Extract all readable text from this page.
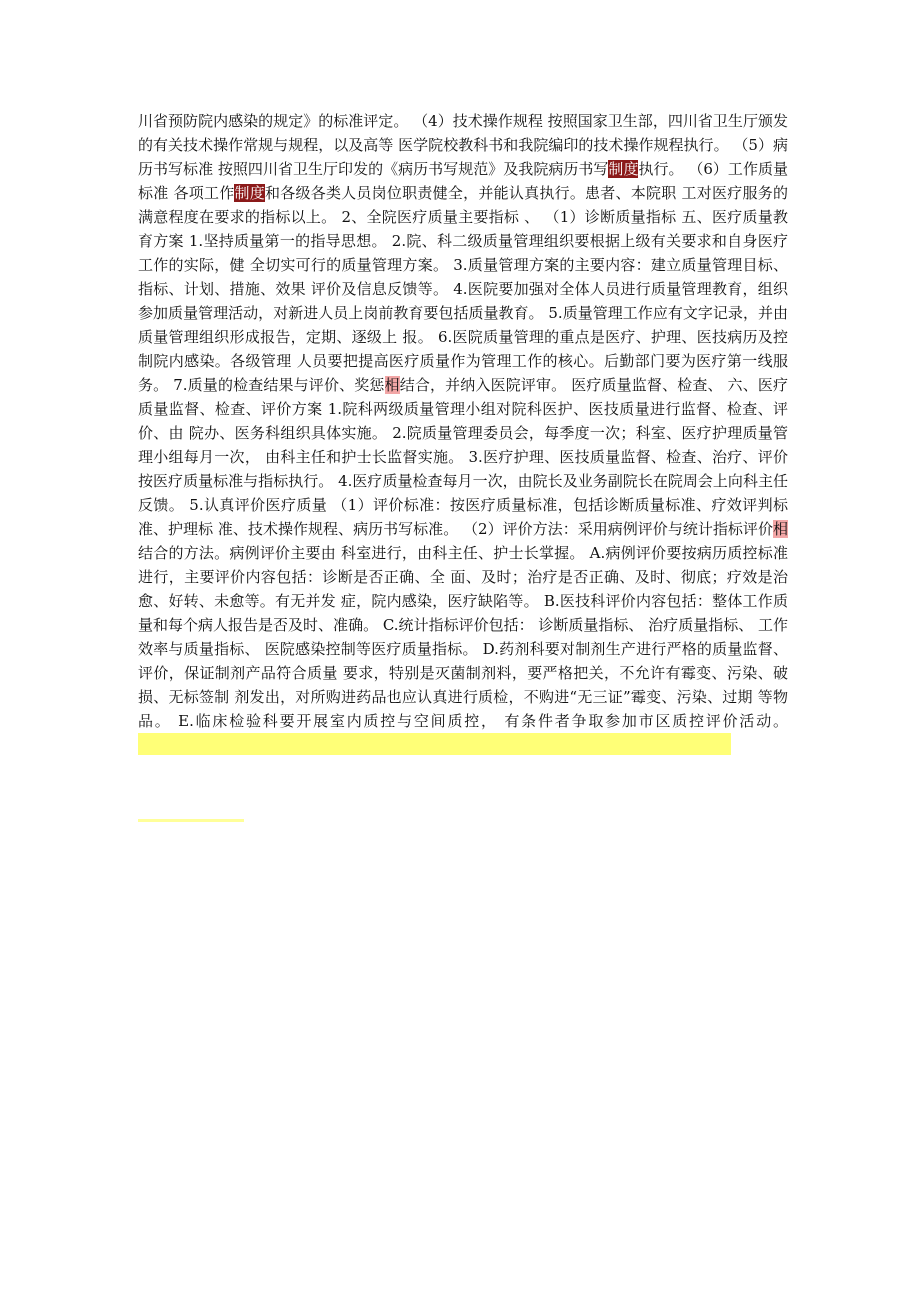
川省预防院内感染的规定》的标准评定。 （4）技术操作规程 按照国家卫生部，四川省卫生厅颁发的有关技术操作常规与规程，以及高等 医学院校教科书和我院编印的技术操作规程执行。 （5）病历书写标准 按照四川省卫生厅印发的《病历书写规范》及我院病历书写制度执行。 （6）工作质量标准 各项工作制度和各级各类人员岗位职责健全，并能认真执行。患者、本院职 工对医疗服务的满意程度在要求的指标以上。 2、全院医疗质量主要指标 、 （1）诊断质量指标 五、医疗质量教育方案 1.坚持质量第一的指导思想。 2.院、科二级质量管理组织要根据上级有关要求和自身医疗工作的实际，健 全切实可行的质量管理方案。 3.质量管理方案的主要内容：建立质量管理目标、指标、计划、措施、效果 评价及信息反馈等。 4.医院要加强对全体人员进行质量管理教育，组织参加质量管理活动，对新进人员上岗前教育要包括质量教育。 5.质量管理工作应有文字记录，并由质量管理组织形成报告，定期、逐级上 报。 6.医院质量管理的重点是医疗、护理、医技病历及控制院内感染。各级管理 人员要把提高医疗质量作为管理工作的核心。后勤部门要为医疗第一线服务。 7.质量的检查结果与评价、奖惩相结合，并纳入医院评审。 医疗质量监督、检查、 六、医疗质量监督、检查、评价方案 1.院科两级质量管理小组对院科医护、医技质量进行监督、检查、评价、由 院办、医务科组织具体实施。 2.院质量管理委员会，每季度一次；科室、医疗护理质量管理小组每月一次， 由科主任和护士长监督实施。 3.医疗护理、医技质量监督、检查、治疗、评价按医疗质量标准与指标执行。 4.医疗质量检查每月一次，由院长及业务副院长在院周会上向科主任反馈。 5.认真评价医疗质量 （1）评价标准：按医疗质量标准，包括诊断质量标准、疗效评判标准、护理标 准、技术操作规程、病历书写标准。 （2）评价方法：采用病例评价与统计指标评价相结合的方法。病例评价主要由 科室进行，由科主任、护士长掌握。 A.病例评价要按病历质控标准进行，主要评价内容包括：诊断是否正确、全 面、及时；治疗是否正确、及时、彻底；疗效是治愈、好转、未愈等。有无并发 症，院内感染，医疗缺陷等。 B.医技科评价内容包括：整体工作质量和每个病人报告是否及时、准确。 C.统计指标评价包括： 诊断质量指标、 治疗质量指标、 工作效率与质量指标、 医院感染控制等医疗质量指标。 D.药剂科要对制剂生产进行严格的质量监督、评价，保证制剂产品符合质量 要求，特别是灭菌制剂料，要严格把关，不允许有霉变、污染、破损、无标签制 剂发出，对所购进药品也应认真进行质检，不购进“无三证”霉变、污染、过期 等物品。 E.临床检验科要开展室内质控与空间质控， 有条件者争取参加市区质控评价活动。
